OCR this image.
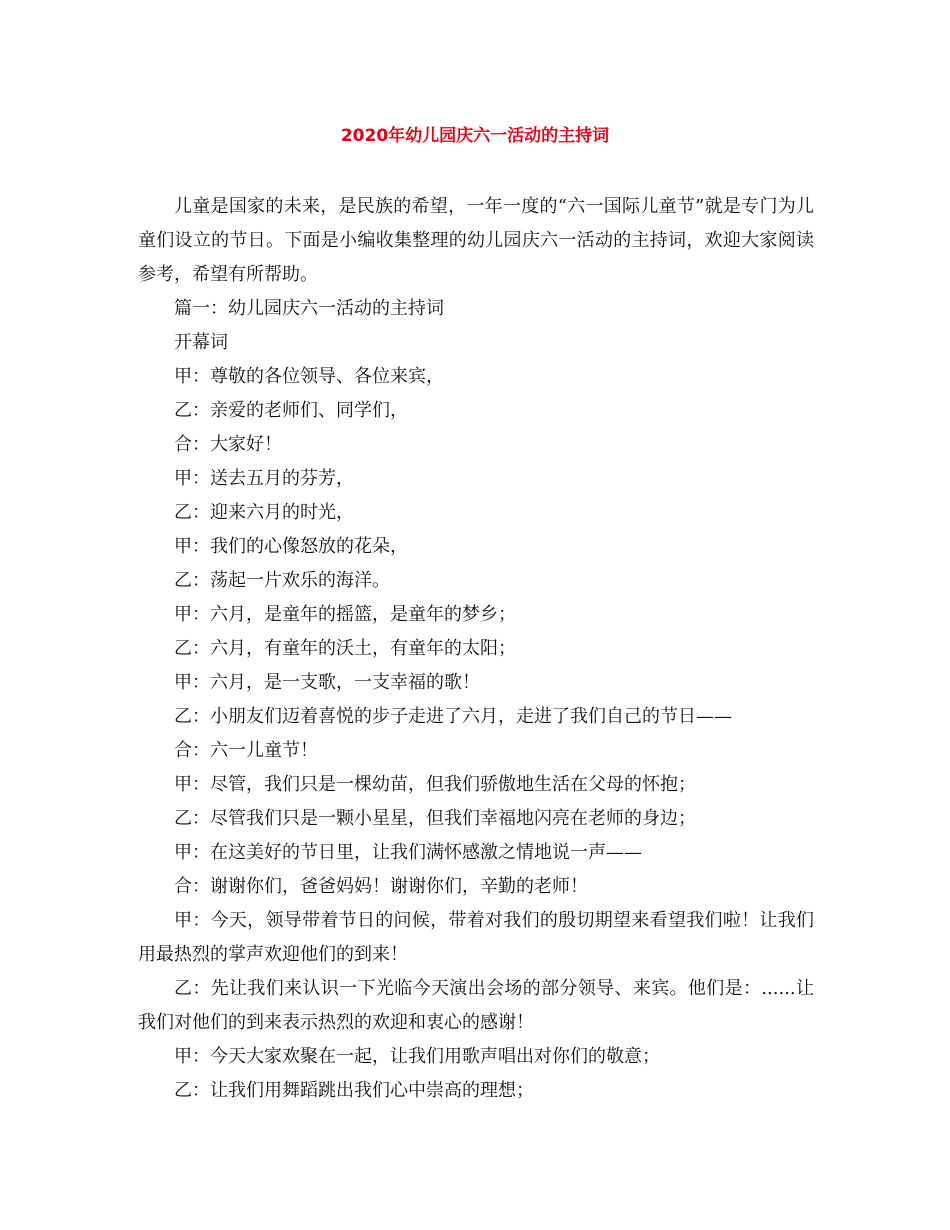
2020年幼儿园庆六一活动的主持词

儿童是国家的未来，是民族的希望，一年一度的“六一国际儿童节”就是专门为儿童们设立的节日。下面是小编收集整理的幼儿园庆六一活动的主持词，欢迎大家阅读参考，希望有所帮助。

篇一：幼儿园庆六一活动的主持词

开幕词

甲：尊敬的各位领导、各位来宾，

乙：亲爱的老师们、同学们，

合：大家好！

甲：送去五月的芬芳，

乙：迎来六月的时光，

甲：我们的心像怒放的花朵，

乙：荡起一片欢乐的海洋。

甲：六月，是童年的摇篮，是童年的梦乡；

乙：六月，有童年的沃土，有童年的太阳；

甲：六月，是一支歌，一支幸福的歌！

乙：小朋友们迈着喜悦的步子走进了六月，走进了我们自己的节日——

合：六一儿童节！

甲：尽管，我们只是一棵幼苗，但我们骄傲地生活在父母的怀抱；

乙：尽管我们只是一颗小星星，但我们幸福地闪亮在老师的身边；

甲：在这美好的节日里，让我们满怀感激之情地说一声——

合：谢谢你们，爸爸妈妈！谢谢你们，辛勤的老师！

甲：今天，领导带着节日的问候，带着对我们的殷切期望来看望我们啦！让我们用最热烈的掌声欢迎他们的到来！

乙：先让我们来认识一下光临今天演出会场的部分领导、来宾。他们是：......让我们对他们的到来表示热烈的欢迎和衷心的感谢！

甲：今天大家欢聚在一起，让我们用歌声唱出对你们的敬意；

乙：让我们用舞蹈跳出我们心中崇高的理想；
